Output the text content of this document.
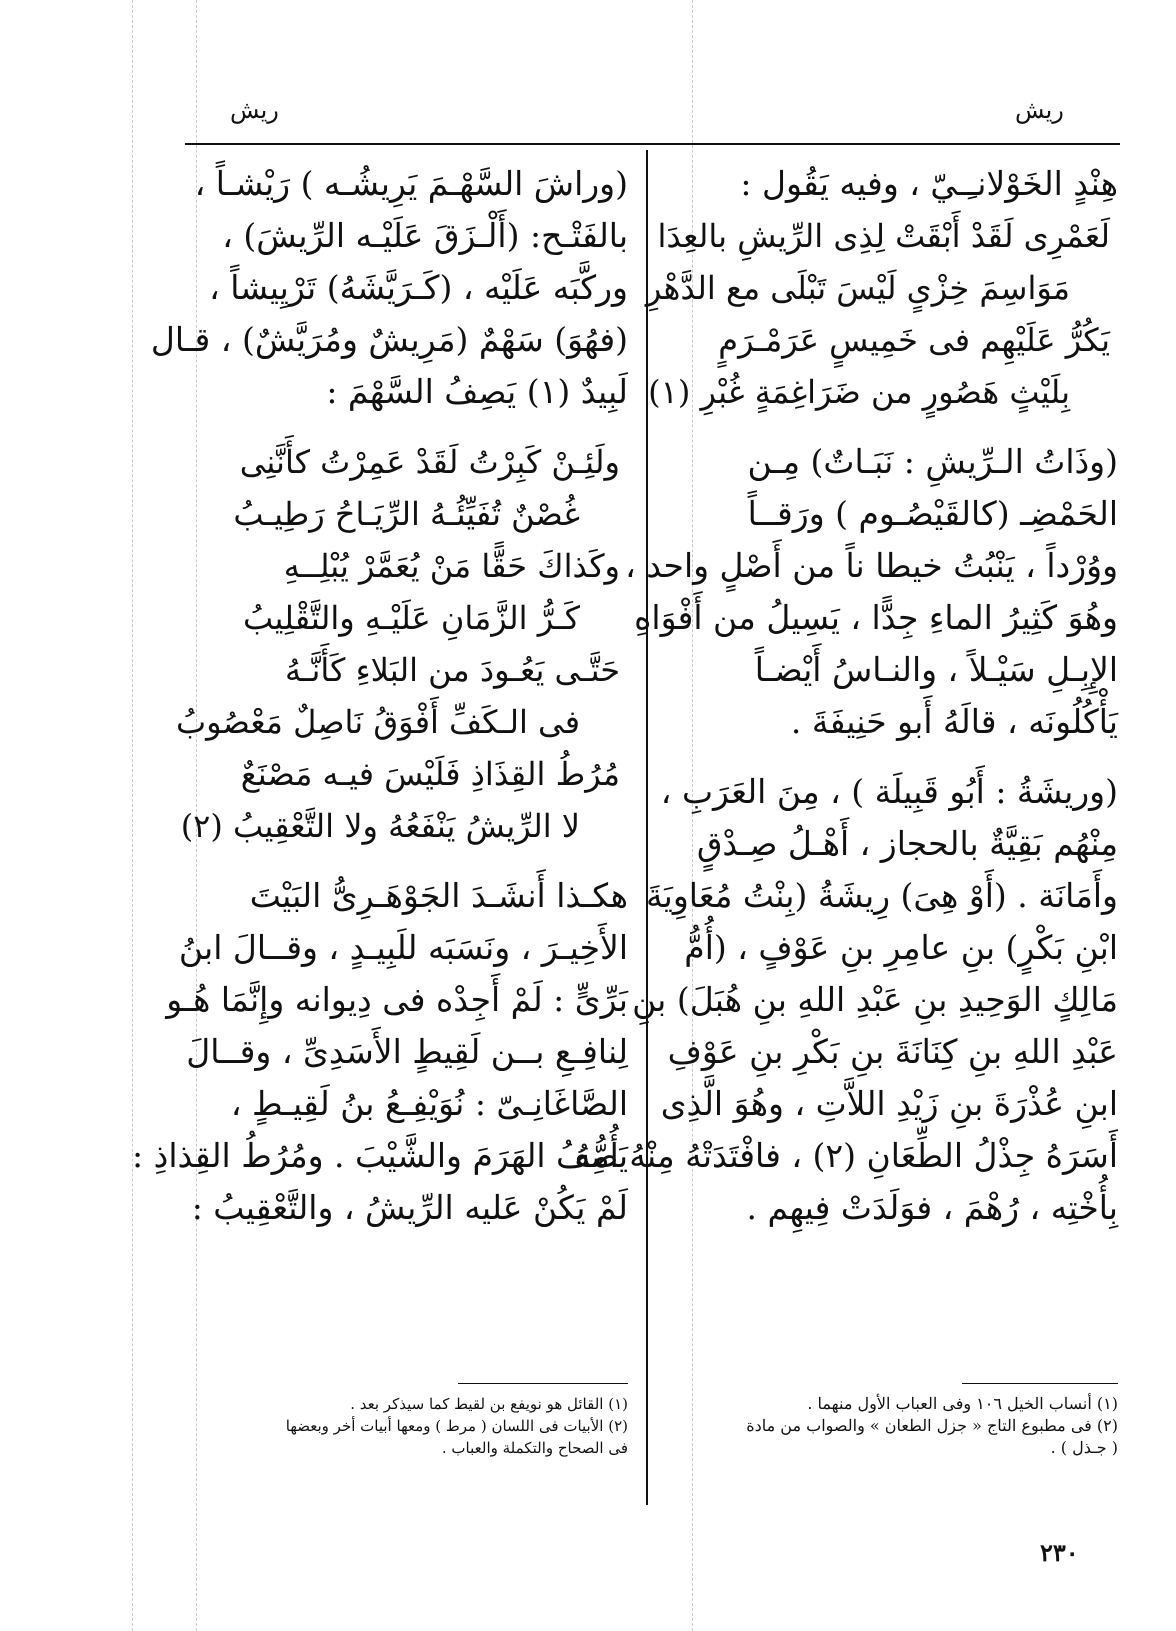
ريش	ريش
هِنْدٍ الخَوْلانـِـيّ ، وفيه يَقُول :
لَعَمْرِى لَقَدْ أَبْقَتْ لِذِى الرِّيشِ بالعِدَا
مَوَاسِمَ خِزْىٍ لَيْسَ تَبْلَى مع الدَّهْرِ
يَكُرُّ عَلَيْهِم فى خَمِيسٍ عَرَمْـرَمٍ
بِلَيْثٍ هَصُورٍ من ضَرَاغِمَةٍ غُبْرِ (١)
(وذَاتُ الـرِّيشِ : نَبَـاتٌ) مِـن
الحَمْضِـ (كالقَيْصُـوم ) ورَقــاً
ووُرْداً ، يَنْبُتُ خيطا ناً من أَصْلٍ واحد ،
وهُوَ كَثِيرُ الماءِ جِدًّا ، يَسِيلُ من أَفْوَاهِ
الإِبِـلِ سَيْـلاً ، والنـاسُ أَيْضـاً
يَأْكُلُونَه ، قالَهُ أَبو حَنِيفَةَ .
(وريشَةُ : أَبُو قَبِيلَة ) ، مِنَ العَرَبِ ،
مِنْهُم بَقِيَّةٌ بالحجاز ، أَهْـلُ صِـدْقٍ
وأَمَانَة . (أَوْ هِىَ) رِيشَةُ (بِنْتُ مُعَاوِيَةَ
ابْنِ بَكْرٍ) بنِ عامِرِ بنِ عَوْفٍ ، (أُمُّ
مَالِكٍ الوَحِيدِ بنِ عَبْدِ اللهِ بنِ هُبَلَ) بنِ
عَبْدِ اللهِ بنِ كِنَانَةَ بنِ بَكْرِ بنِ عَوْفِ
ابنِ عُذْرَةَ بنِ زَيْدِ اللاَّتِ ، وهُوَ الَّذِى
أَسَرَهُ جِذْلُ الطِّعَانِ (٢) ، فافْتَدَتْهُ مِنْهُ أُمُّهُ
بِأُخْتِه ، رُهْمَ ، فوَلَدَتْ فِيهِم .
(وراشَ السَّهْـمَ يَرِيشُـه ) رَيْشـاً ،
بالفَتْـح: (أَلْـزَقَ عَلَيْـه الرِّيشَ) ،
وركَّبَه عَلَيْه ، (كَـرَيَّشَهُ) تَرْيِيشاً ،
(فهُوَ) سَهْمٌ (مَرِيشٌ ومُرَيَّشٌ) ، قـال
لَبِيدٌ (١) يَصِفُ السَّهْمَ :
ولَئِـنْ كَبِرْتُ لَقَدْ عَمِرْتُ كأَنَّنِى
غُصْنٌ تُفَيِّئُـهُ الرِّيَـاحُ رَطِيـبُ
وكَذاكَ حَقًّا مَنْ يُعَمَّرْ يُبْلِــهِ
كَـرُّ الزَّمَانِ عَلَيْـهِ والتَّقْلِيبُ
حَتَّـى يَعُـودَ من البَلاءِ كَأَنَّـهُ
فى الـكَفِّ أَفْوَقُ نَاصِلٌ مَعْصُوبُ
مُرُطُ القِذَاذِ فَلَيْسَ فيـه مَصْنَعٌ
لا الرِّيشُ يَنْفَعُهُ ولا التَّعْقِيبُ (٢)
هكـذا أَنشَـدَ الجَوْهَـرِىُّ البَيْتَ
الأَخِيـرَ ، ونَسَبَه للَبِيـدٍ ، وقــالَ ابنُ
بَرِّىٍّ : لَمْ أَجِدْه فى دِيوانه وإِنَّمَا هُـو
لِنافِـعِ بــن لَقِيطٍ الأَسَدِىِّ ، وقــالَ
الصَّاغَانِـىّ : نُوَيْفِـعُ بنُ لَقِيـطٍ ،
يَصِفُ الهَرَمَ والشَّيْبَ . ومُرُطُ القِذاذِ :
لَمْ يَكُنْ عَليه الرِّيشُ ، والتَّعْقِيبُ :
(١) القائل هو نويفع بن لقيط كما سيذكر بعد .
(٢) الأبيات فى اللسان ( مرط ) ومعها أبيات أخر وبعضها
فى الصحاح والتكملة والعباب .
(١) أنساب الخيل ١٠٦ وفى العباب الأول منهما .
(٢) فى مطبوع التاج « جزل الطعان » والصواب من مادة
( جـذل ) .
٢٣٠
